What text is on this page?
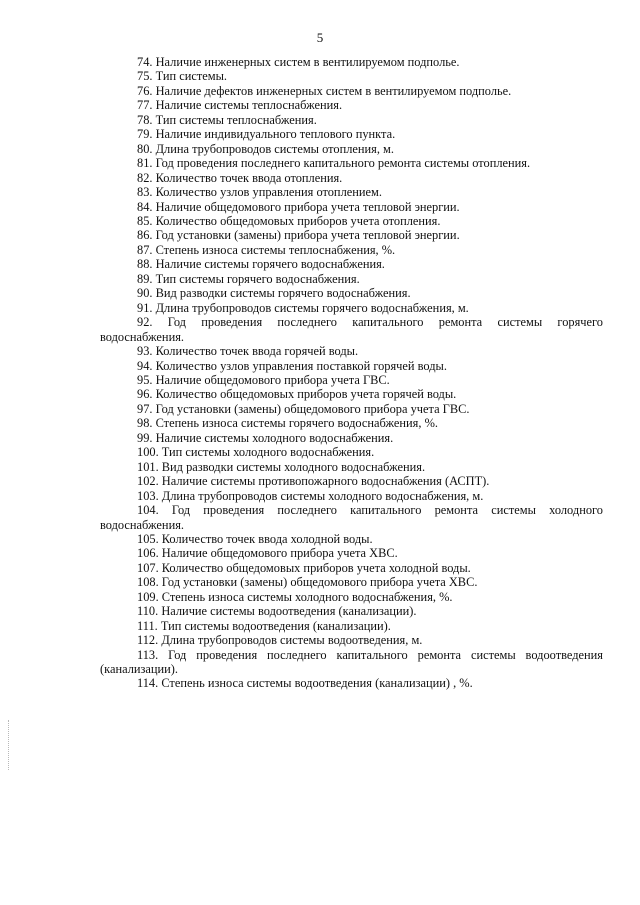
5
74. Наличие инженерных систем в вентилируемом подполье.
75. Тип системы.
76. Наличие дефектов инженерных систем в вентилируемом подполье.
77. Наличие системы теплоснабжения.
78. Тип системы теплоснабжения.
79. Наличие индивидуального теплового пункта.
80. Длина трубопроводов системы отопления, м.
81. Год проведения последнего капитального ремонта системы отопления.
82. Количество точек ввода отопления.
83. Количество узлов управления отоплением.
84. Наличие общедомового прибора учета тепловой энергии.
85. Количество общедомовых приборов учета отопления.
86. Год установки (замены) прибора учета тепловой энергии.
87. Степень износа системы теплоснабжения, %.
88. Наличие системы горячего водоснабжения.
89. Тип системы горячего водоснабжения.
90. Вид разводки системы горячего водоснабжения.
91. Длина трубопроводов системы горячего водоснабжения, м.
92. Год проведения последнего капитального ремонта системы горячего водоснабжения.
93. Количество точек ввода горячей воды.
94. Количество узлов управления поставкой горячей воды.
95. Наличие общедомового прибора учета ГВС.
96. Количество общедомовых приборов учета горячей воды.
97. Год установки (замены) общедомового прибора учета ГВС.
98. Степень износа системы горячего водоснабжения, %.
99. Наличие системы холодного водоснабжения.
100. Тип системы холодного водоснабжения.
101. Вид разводки системы холодного водоснабжения.
102. Наличие системы противопожарного водоснабжения (АСПТ).
103. Длина трубопроводов системы холодного водоснабжения, м.
104. Год проведения последнего капитального ремонта системы холодного водоснабжения.
105. Количество точек ввода холодной воды.
106. Наличие общедомового прибора учета ХВС.
107. Количество общедомовых приборов учета холодной воды.
108. Год установки (замены) общедомового прибора учета ХВС.
109. Степень износа системы холодного водоснабжения, %.
110. Наличие системы водоотведения (канализации).
111. Тип системы водоотведения (канализации).
112. Длина трубопроводов системы водоотведения, м.
113. Год проведения последнего капитального ремонта системы водоотведения (канализации).
114. Степень износа системы водоотведения (канализации) , %.
